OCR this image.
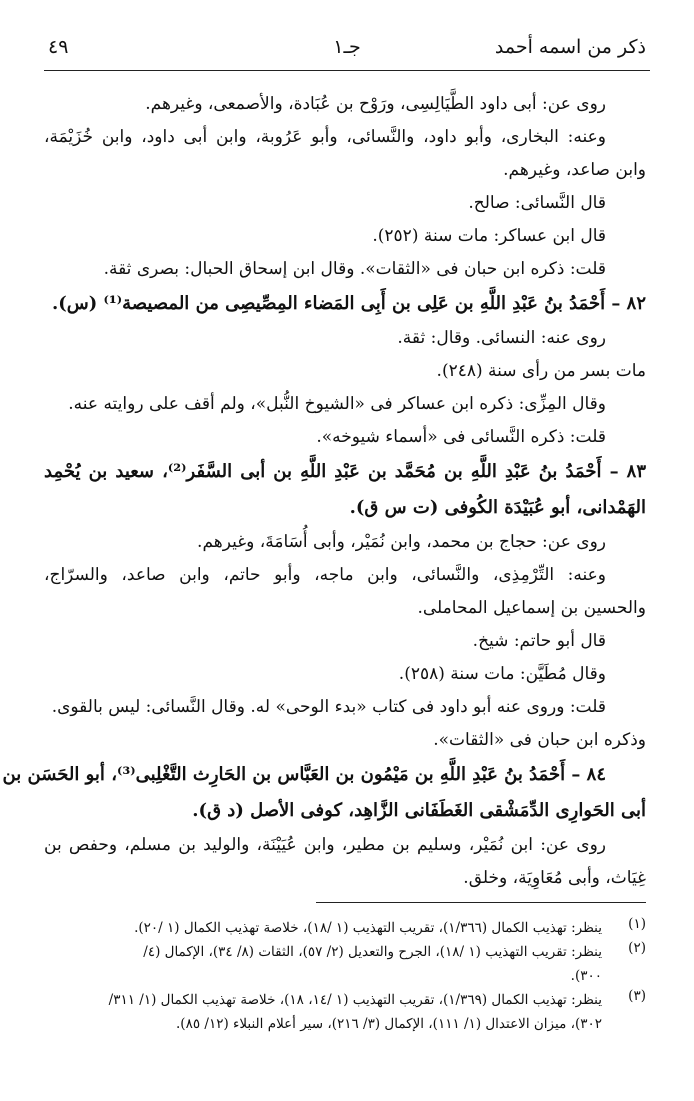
ذكر من اسمه أحمد
جـ١
٤٩
روى عن: أبى داود الطَّيَالِسِى، ورَوْح بن عُبَادة، والأصمعى، وغيرهم.
وعنه: البخارى، وأبو داود، والنَّسائى، وأبو عَرُوبة، وابن أبى داود، وابن خُزَيْمَة،
وابن صاعد، وغيرهم.
قال النَّسائى: صالح.
قال ابن عساكر: مات سنة (٢٥٢).
قلت: ذكره ابن حبان فى «الثقات». وقال ابن إسحاق الحبال: بصرى ثقة.
٨٢ – أَحْمَدُ بنُ عَبْدِ اللَّهِ بن عَلِى بن أَبِى المَضاء المِصِّيصِى من المصيصة⁽¹⁾ (س).
روى عنه: النسائى. وقال: ثقة.
مات بسر من رأى سنة (٢٤٨).
وقال المِزِّى: ذكره ابن عساكر فى «الشيوخ النُّبل»، ولم أقف على روايته عنه.
قلت: ذكره النَّسائى فى «أسماء شيوخه».
٨٣ – أَحْمَدُ بنُ عَبْدِ اللَّهِ بن مُحَمَّد بن عَبْدِ اللَّهِ بن أبى السَّفَر⁽²⁾، سعيد بن يُحْمِد
الهَمْدانى، أبو عُبَيْدَة الكُوفى (ت س ق).
روى عن: حجاج بن محمد، وابن نُمَيْر، وأبى أُسَامَةَ، وغيرهم.
وعنه: التِّرْمِذِى، والنَّسائى، وابن ماجه، وأبو حاتم، وابن صاعد، والسرّاج،
والحسين بن إسماعيل المحاملى.
قال أبو حاتم: شيخ.
وقال مُطَيَّن: مات سنة (٢٥٨).
قلت: وروى عنه أبو داود فى كتاب «بدء الوحى» له. وقال النَّسائى: ليس بالقوى.
وذكره ابن حبان فى «الثقات».
٨٤ – أَحْمَدُ بنُ عَبْدِ اللَّهِ بن مَيْمُون بن العَبَّاس بن الحَارِث التَّغْلِبى⁽³⁾، أبو الحَسَن بن
أبى الحَوارِى الدِّمَشْقى الغَطَفَانى الزَّاهِد، كوفى الأصل (د ق).
روى عن: ابن نُمَيْر، وسليم بن مطير، وابن عُيَيْنَة، والوليد بن مسلم، وحفص بن
غِيَاث، وأبى مُعَاوِيَة، وخلق.
(١)
ينظر: تهذيب الكمال (١/٣٦٦)، تقريب التهذيب (١ /١٨)، خلاصة تهذيب الكمال (١ /٢٠).
(٢)
ينظر: تقريب التهذيب (١ /١٨)، الجرح والتعديل (٢/ ٥٧)، الثقات (٨/ ٣٤)، الإكمال (٤/
٣٠٠).
(٣)
ينظر: تهذيب الكمال (١/٣٦٩)، تقريب التهذيب (١ /١٤، ١٨)، خلاصة تهذيب الكمال (١/ ٣١١/
٣٠٢)، ميزان الاعتدال (١/ ١١١)، الإكمال (٣/ ٢١٦)، سير أعلام النبلاء (١٢/ ٨٥).
